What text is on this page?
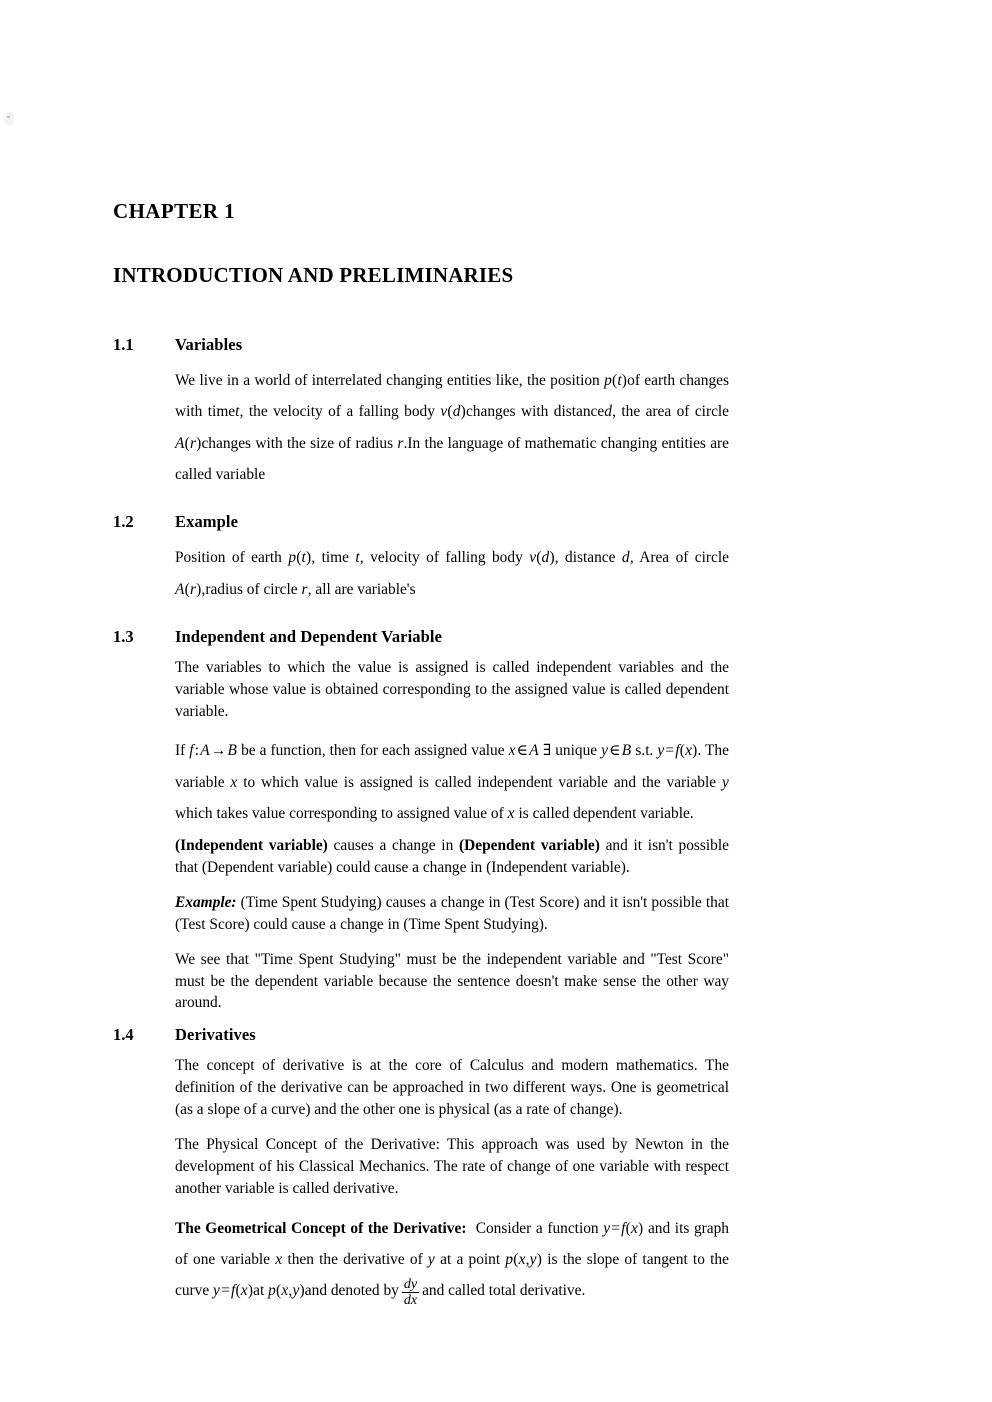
CHAPTER 1
INTRODUCTION AND PRELIMINARIES
1.1	Variables

We live in a world of interrelated changing entities like, the position p(t)of earth changes with timet, the velocity of a falling body v(d)changes with distanced, the area of circle A(r)changes with the size of radius r.In the language of mathematic changing entities are called variable

1.2	Example

Position of earth p(t), time t, velocity of falling body v(d), distance d, Area of circle A(r),radius of circle r, all are variable's

1.3	Independent and Dependent Variable

The variables to which the value is assigned is called independent variables and the variable whose value is obtained corresponding to the assigned value is called dependent variable.

If f:A→B be a function, then for each assigned value x∈A ∃ unique y∈B s.t. y=f(x). The variable x to which value is assigned is called independent variable and the variable y which takes value corresponding to assigned value of x is called dependent variable.

(Independent variable) causes a change in (Dependent variable) and it isn't possible that (Dependent variable) could cause a change in (Independent variable).

Example: (Time Spent Studying) causes a change in (Test Score) and it isn't possible that (Test Score) could cause a change in (Time Spent Studying).

We see that "Time Spent Studying" must be the independent variable and "Test Score" must be the dependent variable because the sentence doesn't make sense the other way around.

1.4	Derivatives

The concept of derivative is at the core of Calculus and modern mathematics. The definition of the derivative can be approached in two different ways. One is geometrical (as a slope of a curve) and the other one is physical (as a rate of change).

The Physical Concept of the Derivative: This approach was used by Newton in the development of his Classical Mechanics. The rate of change of one variable with respect another variable is called derivative.

The Geometrical Concept of the Derivative: Consider a function y=f(x) and its graph of one variable x then the derivative of y at a point p(x,y) is the slope of tangent to the curve y=f(x)at p(x,y)and denoted by $\frac{dy}{dx}$ and called total derivative.
